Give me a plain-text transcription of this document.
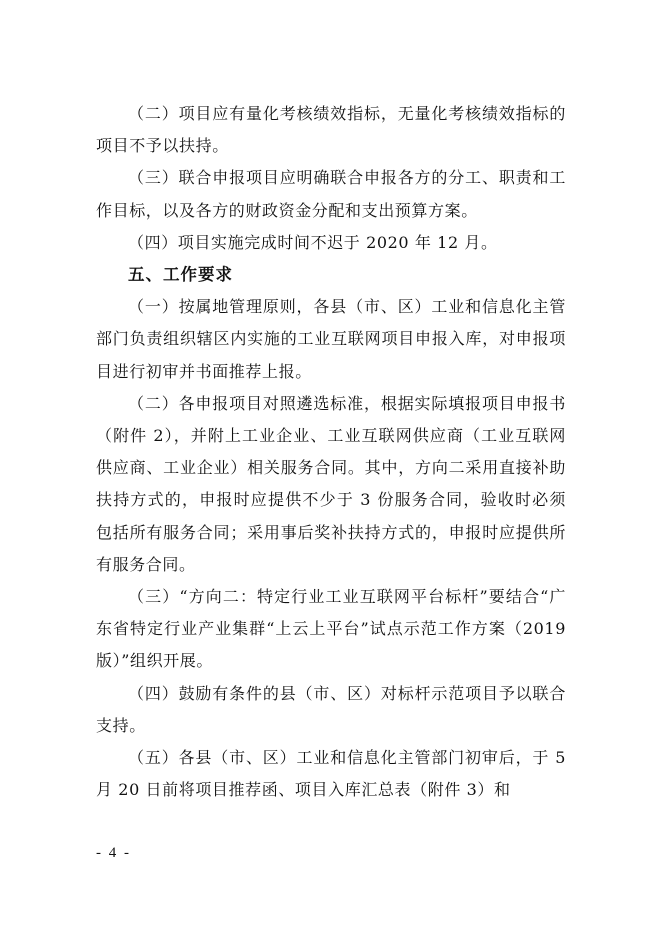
（二）项目应有量化考核绩效指标，无量化考核绩效指标的项目不予以扶持。

（三）联合申报项目应明确联合申报各方的分工、职责和工作目标，以及各方的财政资金分配和支出预算方案。

（四）项目实施完成时间不迟于 2020 年 12 月。

五、工作要求

（一）按属地管理原则，各县（市、区）工业和信息化主管部门负责组织辖区内实施的工业互联网项目申报入库，对申报项目进行初审并书面推荐上报。

（二）各申报项目对照遴选标准，根据实际填报项目申报书（附件 2），并附上工业企业、工业互联网供应商（工业互联网供应商、工业企业）相关服务合同。其中，方向二采用直接补助扶持方式的，申报时应提供不少于 3 份服务合同，验收时必须包括所有服务合同；采用事后奖补扶持方式的，申报时应提供所有服务合同。

（三）“方向二：特定行业工业互联网平台标杆”要结合“广东省特定行业产业集群“上云上平台”试点示范工作方案（2019 版）”组织开展。

（四）鼓励有条件的县（市、区）对标杆示范项目予以联合支持。

（五）各县（市、区）工业和信息化主管部门初审后，于 5 月 20 日前将项目推荐函、项目入库汇总表（附件 3）和

- 4 -
